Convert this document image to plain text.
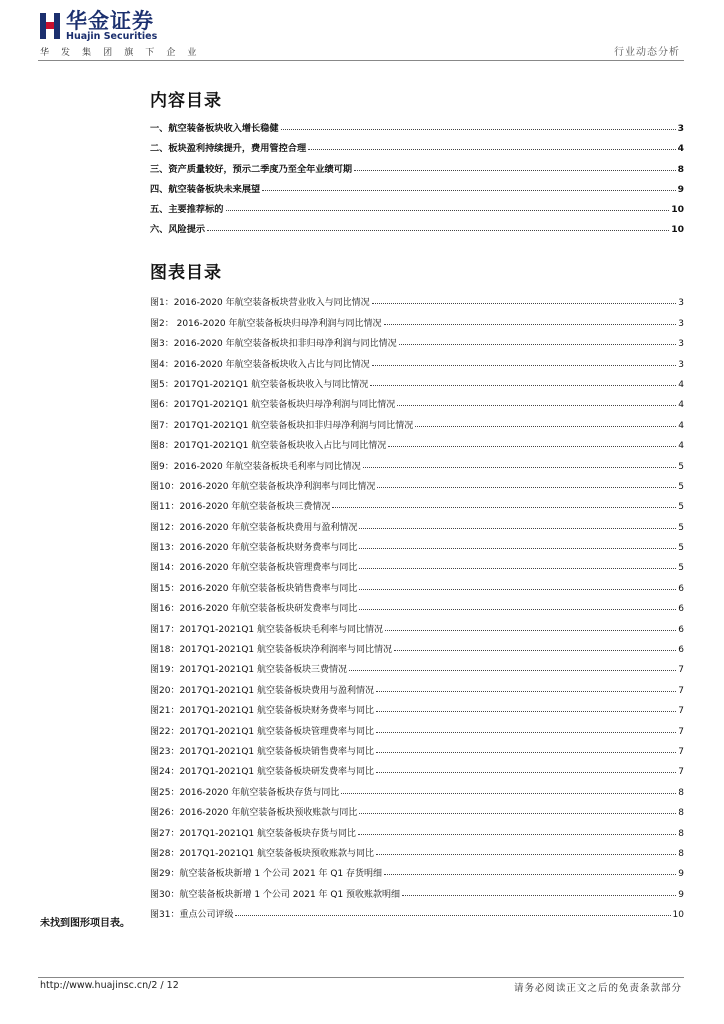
华金证券
Huajin Securities
华 发 集 团 旗 下 企 业	行业动态分析
内容目录
一、航空装备板块收入增长稳健	3
二、板块盈利持续提升，费用管控合理	4
三、资产质量较好，预示二季度乃至全年业绩可期	8
四、航空装备板块未来展望	9
五、主要推荐标的	10
六、风险提示	10
图表目录
图1：2016-2020 年航空装备板块营业收入与同比情况	3
图2： 2016-2020 年航空装备板块归母净利润与同比情况	3
图3：2016-2020 年航空装备板块扣非归母净利润与同比情况	3
图4：2016-2020 年航空装备板块收入占比与同比情况	3
图5：2017Q1-2021Q1 航空装备板块收入与同比情况	4
图6：2017Q1-2021Q1 航空装备板块归母净利润与同比情况	4
图7：2017Q1-2021Q1 航空装备板块扣非归母净利润与同比情况	4
图8：2017Q1-2021Q1 航空装备板块收入占比与同比情况	4
图9：2016-2020 年航空装备板块毛利率与同比情况	5
图10：2016-2020 年航空装备板块净利润率与同比情况	5
图11：2016-2020 年航空装备板块三费情况	5
图12：2016-2020 年航空装备板块费用与盈利情况	5
图13：2016-2020 年航空装备板块财务费率与同比	5
图14：2016-2020 年航空装备板块管理费率与同比	5
图15：2016-2020 年航空装备板块销售费率与同比	6
图16：2016-2020 年航空装备板块研发费率与同比	6
图17：2017Q1-2021Q1 航空装备板块毛利率与同比情况	6
图18：2017Q1-2021Q1 航空装备板块净利润率与同比情况	6
图19：2017Q1-2021Q1 航空装备板块三费情况	7
图20：2017Q1-2021Q1 航空装备板块费用与盈利情况	7
图21：2017Q1-2021Q1 航空装备板块财务费率与同比	7
图22：2017Q1-2021Q1 航空装备板块管理费率与同比	7
图23：2017Q1-2021Q1 航空装备板块销售费率与同比	7
图24：2017Q1-2021Q1 航空装备板块研发费率与同比	7
图25：2016-2020 年航空装备板块存货与同比	8
图26：2016-2020 年航空装备板块预收账款与同比	8
图27：2017Q1-2021Q1 航空装备板块存货与同比	8
图28：2017Q1-2021Q1 航空装备板块预收账款与同比	8
图29：航空装备板块新增 1 个公司 2021 年 Q1 存货明细	9
图30：航空装备板块新增 1 个公司 2021 年 Q1 预收账款明细	9
图31：重点公司评级	10
未找到图形项目表。
http://www.huajinsc.cn/2 / 12	请务必阅读正文之后的免责条款部分
